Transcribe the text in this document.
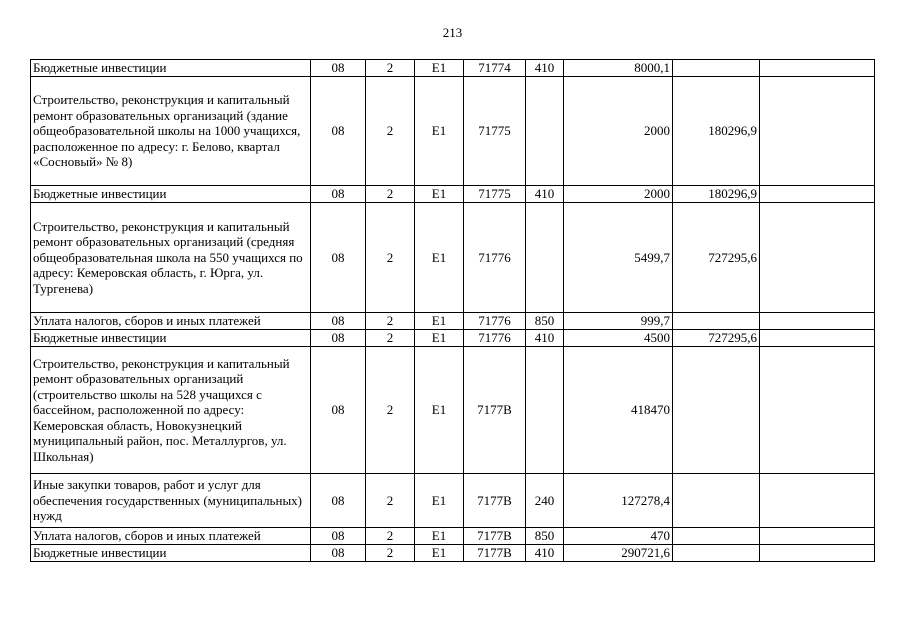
213
Бюджетные инвестиции	08	2	Е1	71774	410	8000,1		
Строительство, реконструкция и капитальный ремонт образовательных организаций (здание общеобразовательной школы на 1000 учащихся, расположенное по адресу: г. Белово, квартал «Сосновый» № 8)	08	2	Е1	71775		2000	180296,9	
Бюджетные инвестиции	08	2	Е1	71775	410	2000	180296,9	
Строительство, реконструкция и капитальный ремонт образовательных организаций (средняя общеобразовательная школа на 550 учащихся по адресу: Кемеровская область, г. Юрга, ул. Тургенева)	08	2	Е1	71776		5499,7	727295,6	
Уплата налогов, сборов и иных платежей	08	2	Е1	71776	850	999,7		
Бюджетные инвестиции	08	2	Е1	71776	410	4500	727295,6	
Строительство, реконструкция и капитальный ремонт образовательных организаций (строительство школы на 528 учащихся с бассейном, расположенной по адресу: Кемеровская область, Новокузнецкий муниципальный район, пос. Металлургов, ул. Школьная)	08	2	Е1	7177В		418470		
Иные закупки товаров, работ и услуг для обеспечения государственных (муниципальных) нужд	08	2	Е1	7177В	240	127278,4		
Уплата налогов, сборов и иных платежей	08	2	Е1	7177В	850	470		
Бюджетные инвестиции	08	2	Е1	7177В	410	290721,6		
